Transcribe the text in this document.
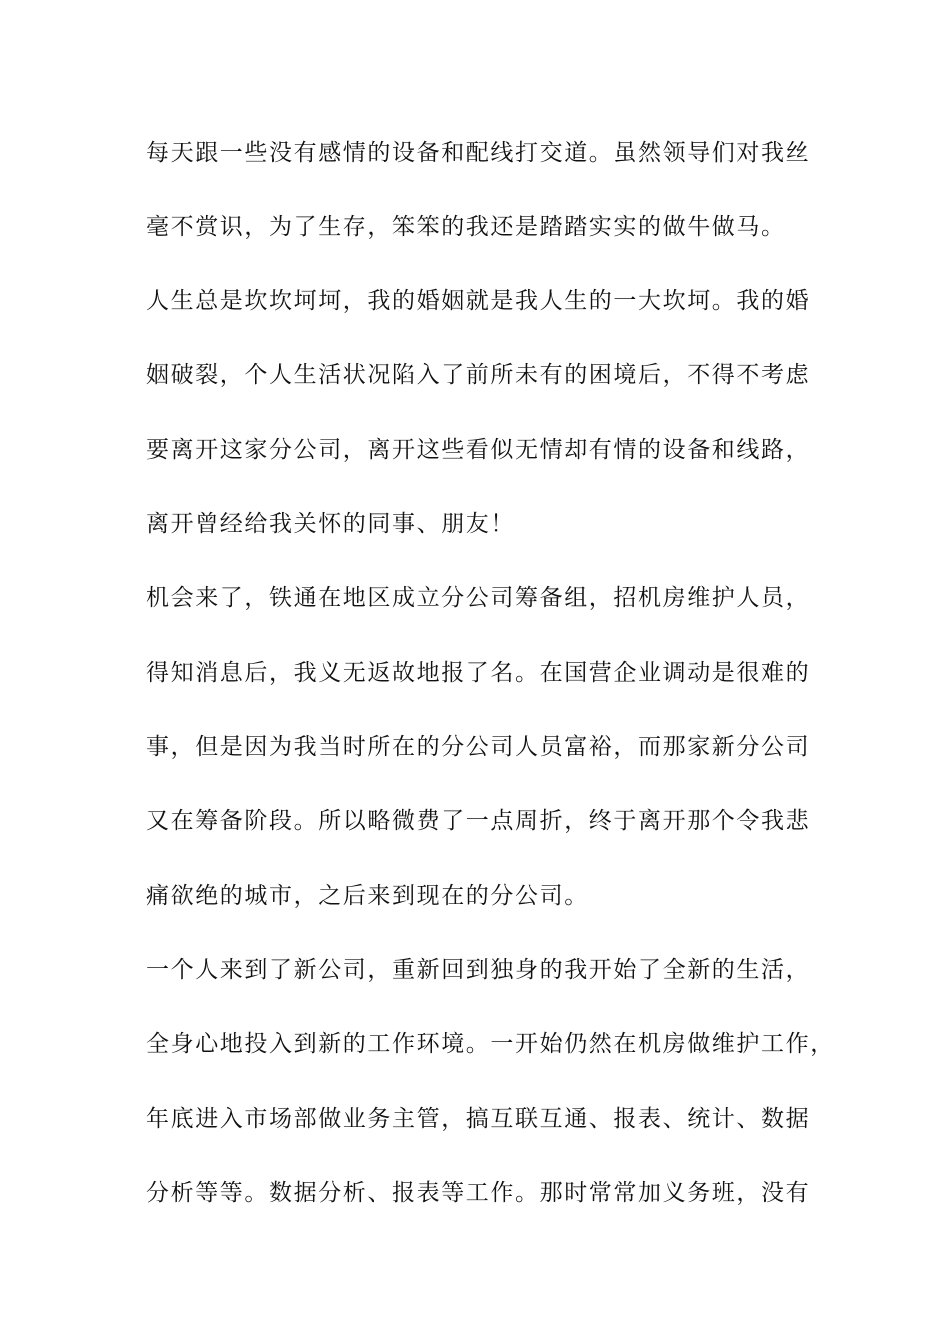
每天跟一些没有感情的设备和配线打交道。虽然领导们对我丝

毫不赏识，为了生存，笨笨的我还是踏踏实实的做牛做马。

人生总是坎坎坷坷，我的婚姻就是我人生的一大坎坷。我的婚

姻破裂，个人生活状况陷入了前所未有的困境后，不得不考虑

要离开这家分公司，离开这些看似无情却有情的设备和线路，

离开曾经给我关怀的同事、朋友！

机会来了，铁通在地区成立分公司筹备组，招机房维护人员，

得知消息后，我义无返故地报了名。在国营企业调动是很难的

事，但是因为我当时所在的分公司人员富裕，而那家新分公司

又在筹备阶段。所以略微费了一点周折，终于离开那个令我悲

痛欲绝的城市，之后来到现在的分公司。

一个人来到了新公司，重新回到独身的我开始了全新的生活，

全身心地投入到新的工作环境。一开始仍然在机房做维护工作，

年底进入市场部做业务主管，搞互联互通、报表、统计、数据

分析等等。数据分析、报表等工作。那时常常加义务班，没有
